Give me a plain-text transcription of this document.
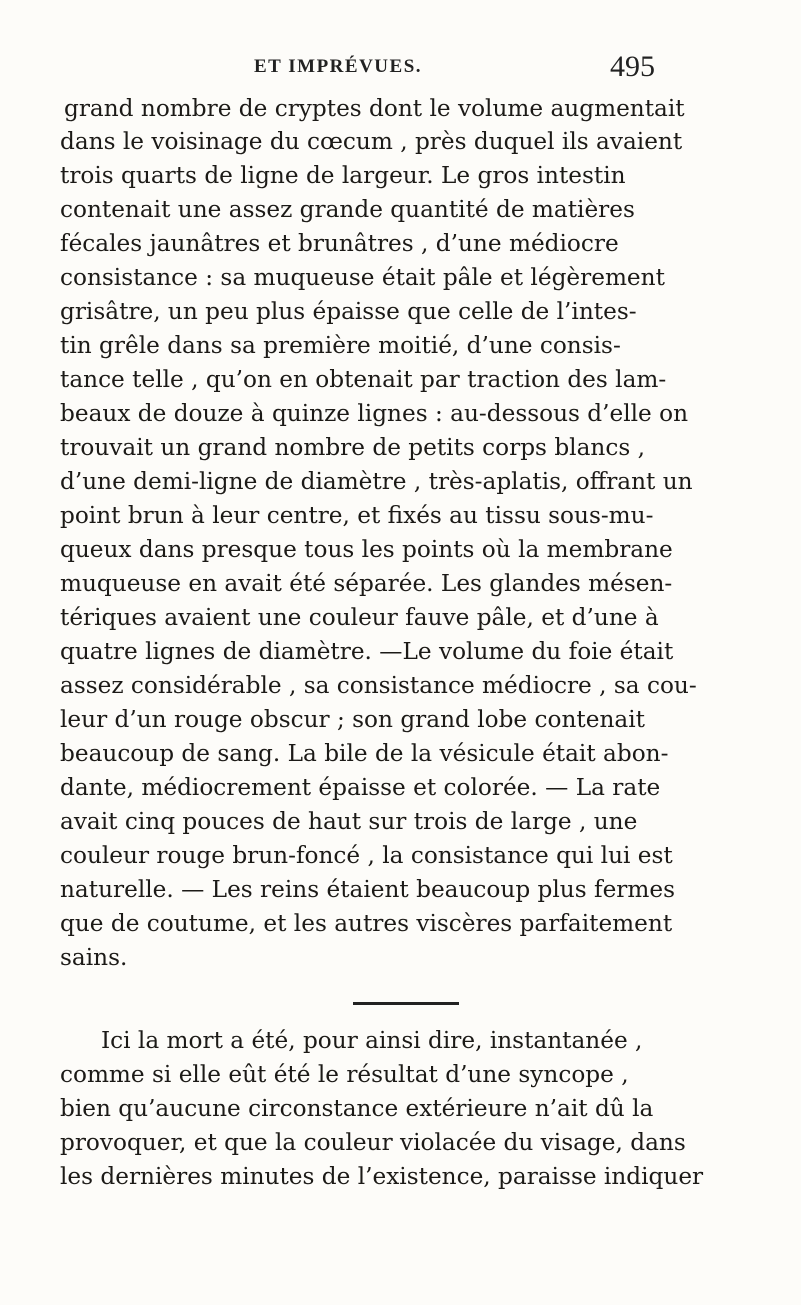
ET IMPRÉVUES.	495
grand nombre de cryptes dont le volume augmentait
dans le voisinage du cœcum , près duquel ils avaient
trois quarts de ligne de largeur. Le gros intestin
contenait une assez grande quantité de matières
fécales jaunâtres et brunâtres , d’une médiocre
consistance : sa muqueuse était pâle et légèrement
grisâtre, un peu plus épaisse que celle de l’intes-
tin grêle dans sa première moitié, d’une consis-
tance telle , qu’on en obtenait par traction des lam-
beaux de douze à quinze lignes : au-dessous d’elle on
trouvait un grand nombre de petits corps blancs ,
d’une demi-ligne de diamètre , très-aplatis, offrant un
point brun à leur centre, et fixés au tissu sous-mu-
queux dans presque tous les points où la membrane
muqueuse en avait été séparée. Les glandes mésen-
tériques avaient une couleur fauve pâle, et d’une à
quatre lignes de diamètre. —Le volume du foie était
assez considérable , sa consistance médiocre , sa cou-
leur d’un rouge obscur ; son grand lobe contenait
beaucoup de sang. La bile de la vésicule était abon-
dante, médiocrement épaisse et colorée. — La rate
avait cinq pouces de haut sur trois de large , une
couleur rouge brun-foncé , la consistance qui lui est
naturelle. — Les reins étaient beaucoup plus fermes
que de coutume, et les autres viscères parfaitement
sains.
Ici la mort a été, pour ainsi dire, instantanée ,
comme si elle eût été le résultat d’une syncope ,
bien qu’aucune circonstance extérieure n’ait dû la
provoquer, et que la couleur violacée du visage, dans
les dernières minutes de l’existence, paraisse indiquer
